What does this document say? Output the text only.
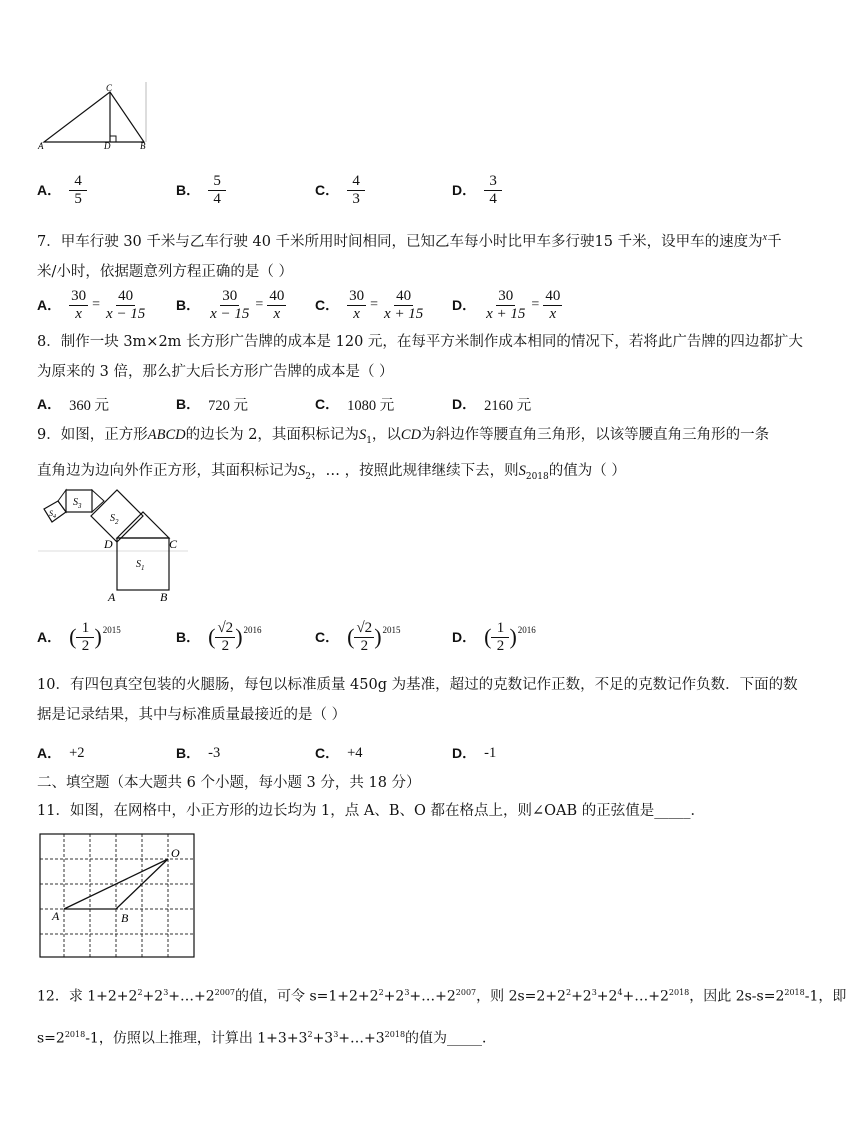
A	D	B
C
A． $\frac{4}{5}$	B． $\frac{5}{4}$	C． $\frac{4}{3}$	D． $\frac{3}{4}$
7．甲车行驶 30 千米与乙车行驶 40 千米所用时间相同，已知乙车每小时比甲车多行驶15 千米，设甲车的速度为$^x$千
米/小时，依据题意列方程正确的是（ ）
A． $\frac{30}{x} = \frac{40}{x - 15}$ B． $\frac{30}{x - 15} = \frac{40}{x}$ C． $\frac{30}{x} = \frac{40}{x + 15}$ D． $\frac{30}{x + 15} = \frac{40}{x}$
8．制作一块 3m×2m 长方形广告牌的成本是 120 元，在每平方米制作成本相同的情况下，若将此广告牌的四边都扩大
为原来的 3 倍，那么扩大后长方形广告牌的成本是（ ）
A． 360 元	B． 720 元	C． 1080 元	D． 2160 元
9．如图，正方形ABCD的边长为 2，其面积标记为$S_1$，以CD为斜边作等腰直角三角形，以该等腰直角三角形的一条
直角边为边向外作正方形，其面积标记为$S_2$，… ，按照此规律继续下去，则$S_{2018}$的值为（ ）
$S_1$
$S_2$
$S_3$
$S_4$
D	C
A	B
A． ( $\frac{1}{2}$ ) 2015	B． ( $\frac{√2}{2}$ ) 2016	C． ( $\frac{√2}{2}$ ) 2015	D． ( $\frac{1}{2}$ ) 2016
10．有四包真空包装的火腿肠，每包以标准质量 450g 为基准，超过的克数记作正数，不足的克数记作负数．下面的数
据是记录结果，其中与标准质量最接近的是（ ）
A． +2	B． -3	C． +4	D． -1
二、填空题（本大题共 6 个小题，每小题 3 分，共 18 分）
11．如图，在网格中，小正方形的边长均为 1，点 A、B、O 都在格点上，则∠OAB 的正弦值是_____．
O
A	B
12．求 $1+2+2^2+2^3+\dots+2^{2007}$的值，可令 $s=1+2+2^2+2^3+\dots+2^{2007}$，则 $2s=2+2^2+2^3+2^4+\dots+2^{2018}$，因此 $2s-s=2^{2018}-1$，即
$s=2^{2018}-1$，仿照以上推理，计算出 $1+3+3^2+3^3+\dots+3^{2018}$的值为_____．
